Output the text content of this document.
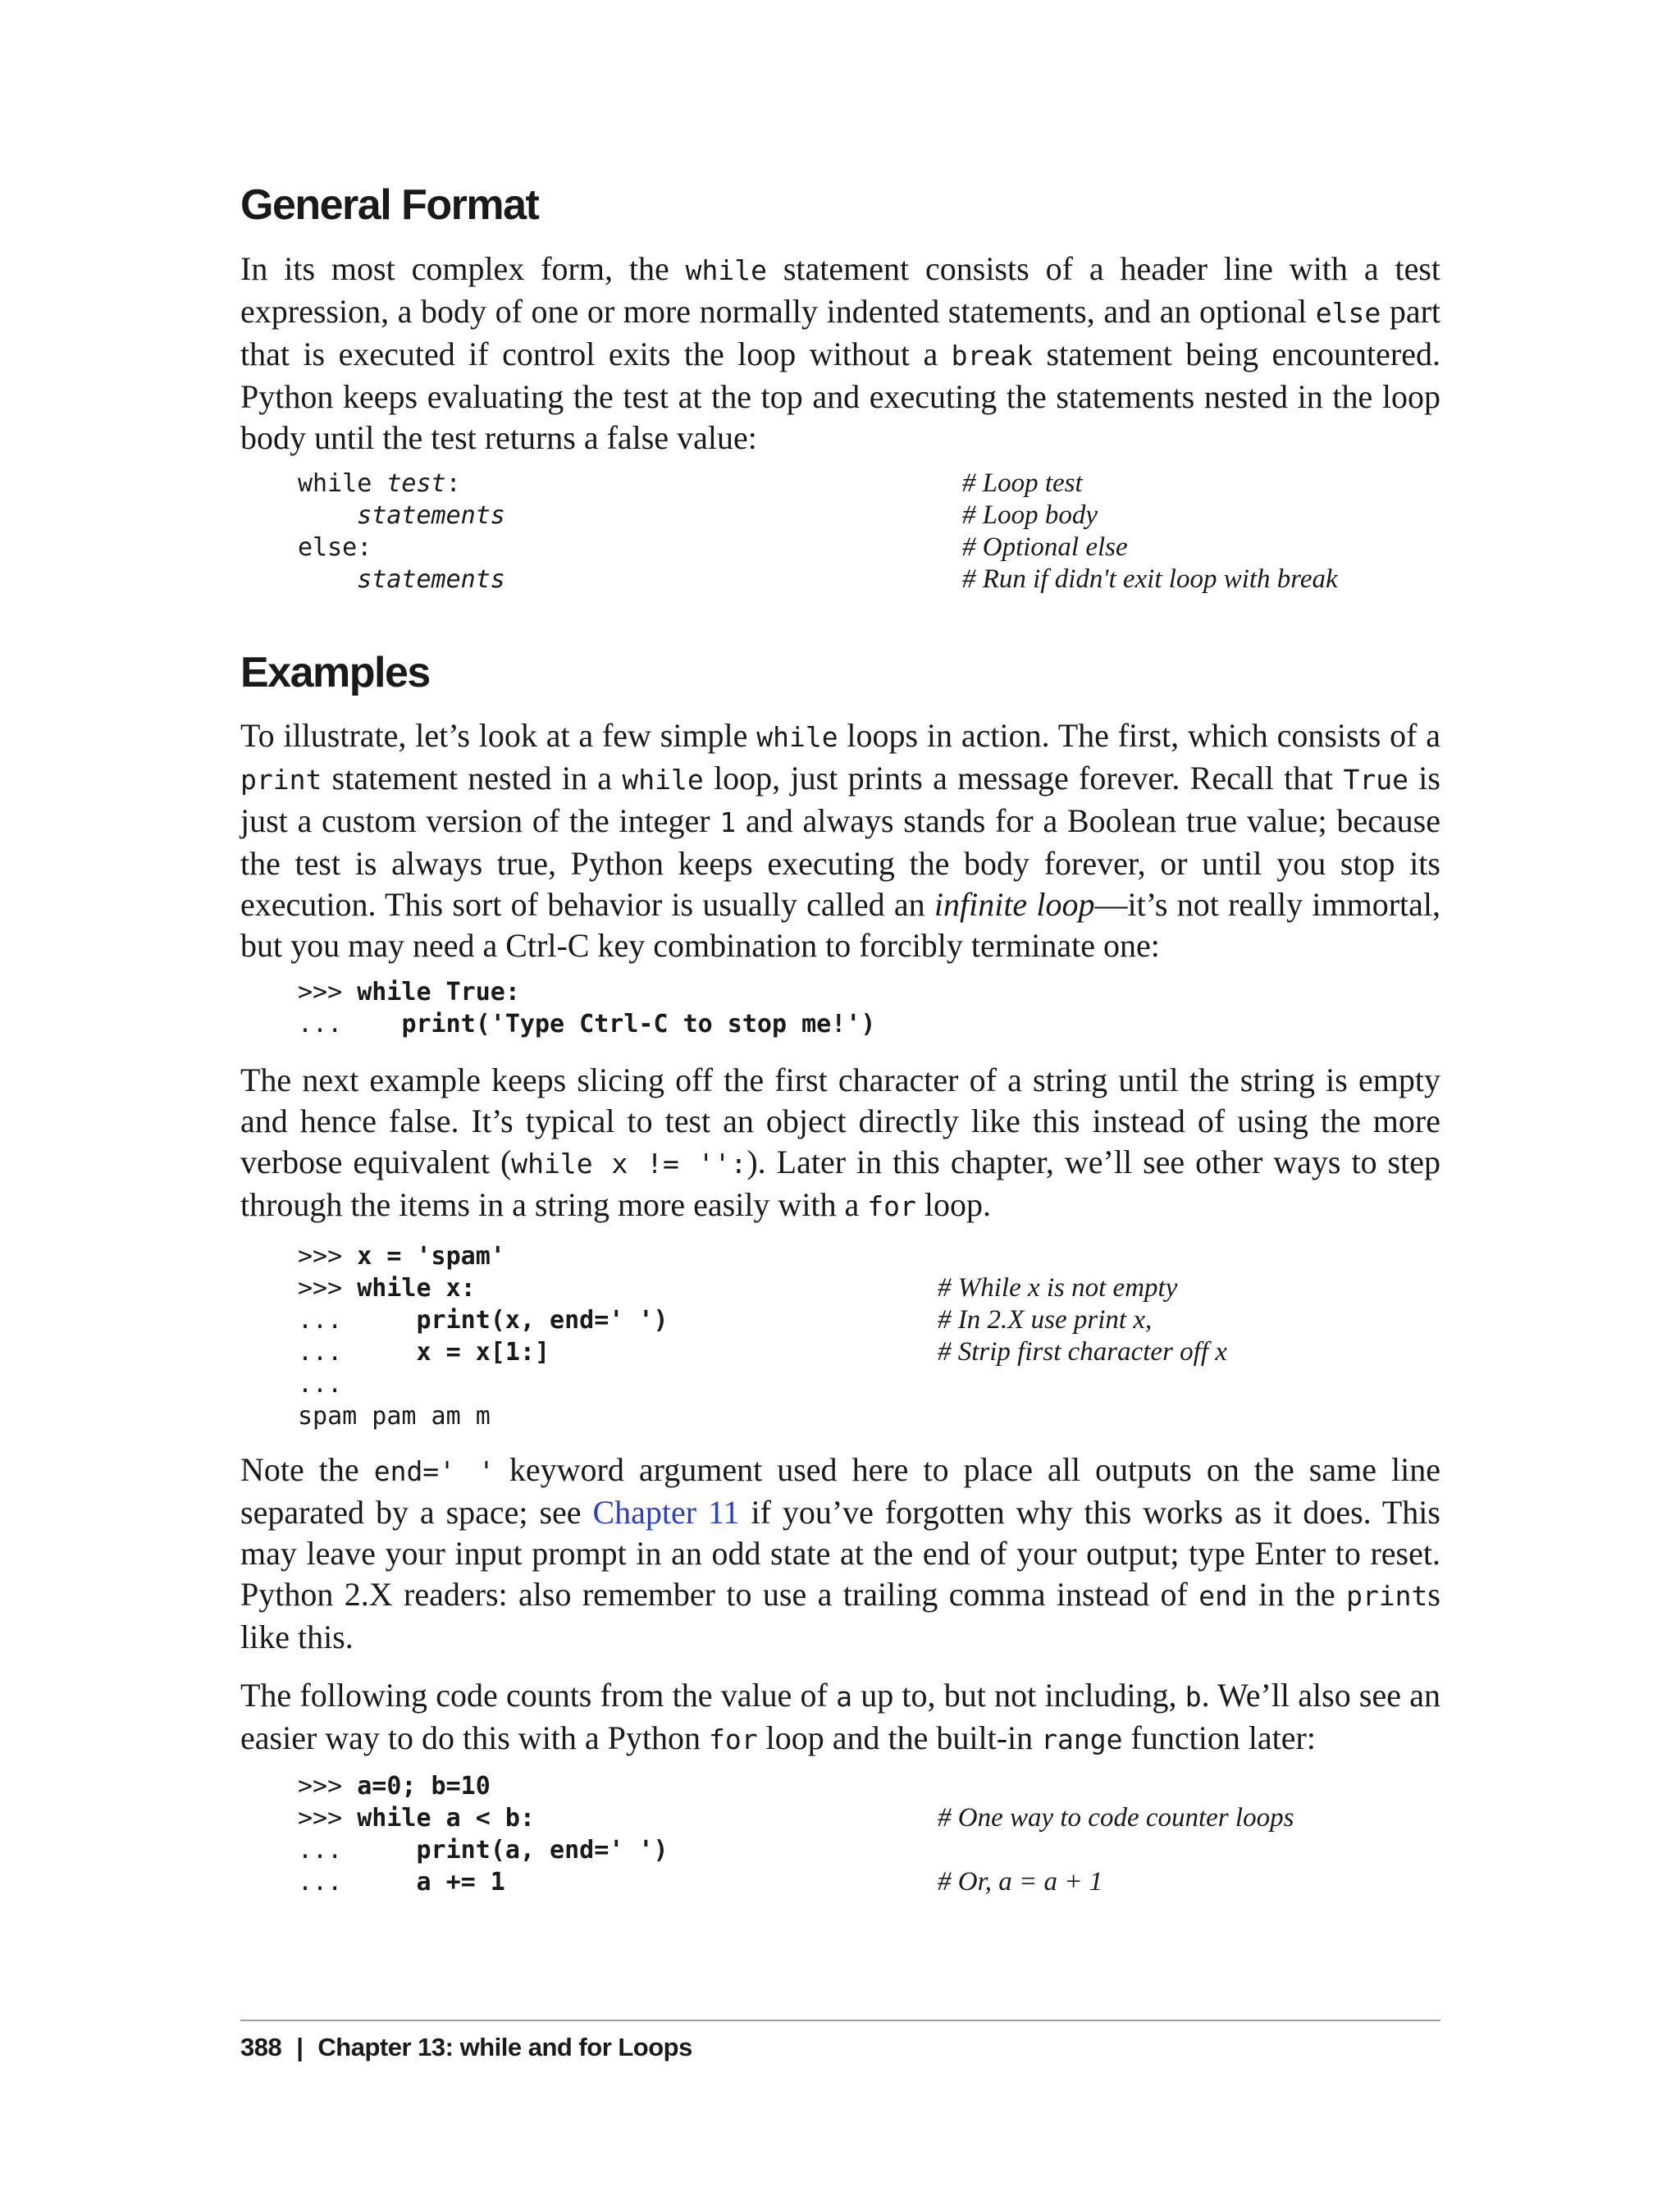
General Format

In its most complex form, the while statement consists of a header line with a test expression, a body of one or more normally indented statements, and an optional else part that is executed if control exits the loop without a break statement being encountered. Python keeps evaluating the test at the top and executing the statements nested in the loop body until the test returns a false value:

while test:	# Loop test
statements	# Loop body
else:	# Optional else
statements	# Run if didn't exit loop with break
Examples

To illustrate, let’s look at a few simple while loops in action. The first, which consists of a print statement nested in a while loop, just prints a message forever. Recall that True is just a custom version of the integer 1 and always stands for a Boolean true value; because the test is always true, Python keeps executing the body forever, or until you stop its execution. This sort of behavior is usually called an infinite loop—it’s not really immortal, but you may need a Ctrl-C key combination to forcibly terminate one:

>>> while True:
...    print('Type Ctrl-C to stop me!')

The next example keeps slicing off the first character of a string until the string is empty and hence false. It’s typical to test an object directly like this instead of using the more verbose equivalent (while x != '':). Later in this chapter, we’ll see other ways to step through the items in a string more easily with a for loop.

>>> x = 'spam'
>>> while x:	# While x is not empty
...     print(x, end=' ')	# In 2.X use print x,
...     x = x[1:]	# Strip first character off x
...
spam pam am m

Note the end=' ' keyword argument used here to place all outputs on the same line separated by a space; see Chapter 11 if you’ve forgotten why this works as it does. This may leave your input prompt in an odd state at the end of your output; type Enter to reset. Python 2.X readers: also remember to use a trailing comma instead of end in the prints like this.

The following code counts from the value of a up to, but not including, b. We’ll also see an easier way to do this with a Python for loop and the built-in range function later:

>>> a=0; b=10
>>> while a < b:	# One way to code counter loops
...     print(a, end=' ')
...     a += 1	# Or, a = a + 1
388 | Chapter 13: while and for Loops
